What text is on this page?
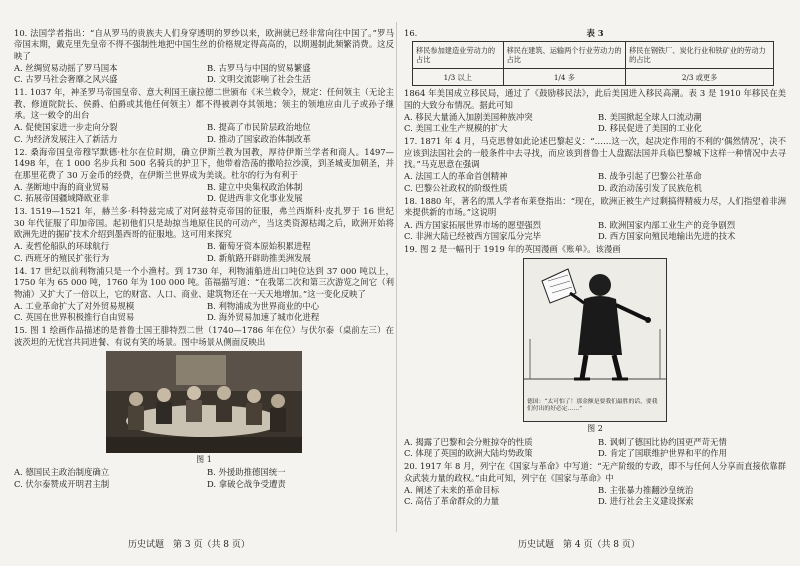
10. 法国学者指出：“自从罗马的贵族夫人们身穿透明的罗纱以来，欧洲就已经非常向往中国了。”罗马帝国末期，戴克里先皇帝不得不强制性地把中国生丝的价格规定得高高的，以期遏制此频繁消费。这反映了

A. 丝绸贸易动摇了罗马国本	B. 古罗马与中国的贸易繁盛
C. 古罗马社会奢靡之风兴盛	D. 文明交流影响了社会生活

11. 1037 年，神圣罗马帝国皇帝、意大利国王康拉德二世颁布《米兰敕令》，规定：任何领主（无论主教、修道院院长、侯爵、伯爵或其他任何领主）都不得被剥夺其领地；领主的领地应由儿子或孙子继承。这一敕令的出台

A. 促使国家进一步走向分裂	B. 提高了市民阶层政治地位
C. 为经济发展注入了新活力	D. 推动了国家政治体制改革

12. 桑海帝国皇帝穆罕默德·杜尔在位时期，确立伊斯兰教为国教，厚待伊斯兰学者和商人。1497—1498 年，在 1 000 名步兵和 500 名骑兵的护卫下，他带着浩荡的撒哈拉沙漠，到圣城麦加朝圣，并在那里花费了 30 万金币的经费，在伊斯兰世界成为美谈。杜尔的行为有利于

A. 垄断地中海的商业贸易	B. 建立中央集权政治体制
C. 拓展帝国疆域降欧亚非	D. 促进西非文化事业发展

13. 1519—1521 年，赫兰多·科特兹完成了对阿兹特克帝国的征服，弗兰西斯科·皮扎罗于 16 世纪 30 年代征服了印加帝国。起初他们只是劫掠当地原住民的可动产，当这类资源枯竭之后，欧洲开始将欧洲先进的掘矿技术介绍到墨西哥的征服地。这可用来探究

A. 麦哲伦船队的环球航行	B. 葡萄牙资本原始积累进程
C. 西班牙的殖民扩张行为	D. 新航路开辟助推美洲发展

14. 17 世纪以前利物浦只是一个小渔村。到 1730 年，利物浦船进出口吨位达到 37 000 吨以上，1750 年为 65 000 吨，1760 年为 100 000 吨。笛福描写道：“在我第二次和第三次游览之间它（利物浦）又扩大了一倍以上，它的财富、人口、商业、建筑物还在一天天地增加。”这一变化反映了

A. 工业革命扩大了对外贸易规模	B. 利物浦成为世界商业的中心
C. 英国在世界积极推行自由贸易	D. 海外贸易加速了城市化进程

15. 图 1 绘画作品描述的是普鲁士国王腓特烈二世（1740—1786 年在位）与伏尔泰（桌前左三）在波茨坦的无忧宫共同进餐、有说有笑的场景。图中场景从侧面反映出

图 1
A. 德国民主政治制度确立	B. 外援助推德国统一
C. 伏尔泰赞成开明君主制	D. 拿破仑战争受遭责
历史试题　第 3 页（共 8 页）
16.	表 3
移民参加建造业劳动力的占比	移民在建筑、运输两个行业劳动力的占比	移民在钢铁厂、炭化行业和铁矿业的劳动力的占比
1/3 以上	1/4 多	2/3 或更多

1864 年美国成立移民局，通过了《鼓励移民法》，此后美国进入移民高潮。表 3 是 1910 年移民在美国的大致分布情况。据此可知

A. 移民大量涌入加剧美国种族冲突	B. 美国掀起全球人口流动潮
C. 美国工业生产规模的扩大	D. 移民促进了美国的工业化

17. 1871 年 4 月，马克思曾如此论述巴黎起义：“……这一次，起决定作用的不利的‘偶然情况’，决不应该到法国社会的一般条件中去寻找，而应该到普鲁士人盘踞法国并兵临巴黎城下这样一种情况中去寻找。”马克思意在强调

A. 法国工人的革命首创精神	B. 战争引起了巴黎公社革命
C. 巴黎公社政权的阶级性质	D. 政治动荡引发了民族危机

18. 1880 年，著名的黑人学者布莱登指出：“现在，欧洲正被生产过剩搞得精疲力尽，人们指望着非洲来提供新的市场。”这说明

A. 西方国家拓展世界市场的愿望强烈	B. 欧洲国家内部工业生产的竞争剧烈
C. 非洲大陆已经被西方国家瓜分完毕	D. 西方国家向殖民地输出先进的技术

19. 图 2 是一幅刊于 1919 年的英国漫画《账单》。该漫画

德国：“太可怕了！那金额是要我们最胜的话，要我们付出的好必定……”
图 2
A. 揭露了巴黎和会分赃掠夺的性质	B. 讽刺了德国比协约国更严苛无情
C. 体现了英国的欧洲大陆均势政策	D. 肯定了国联维护世界和平的作用

20. 1917 年 8 月，列宁在《国家与革命》中写道：“无产阶级的专政，即不与任何人分享而直接依靠群众武装力量的政权。”由此可知，列宁在《国家与革命》中

A. 阐述了未来的革命目标	B. 主张暴力推翻沙皇统治
C. 高估了革命群众的力量	D. 进行社会主义建设探索
历史试题　第 4 页（共 8 页）
